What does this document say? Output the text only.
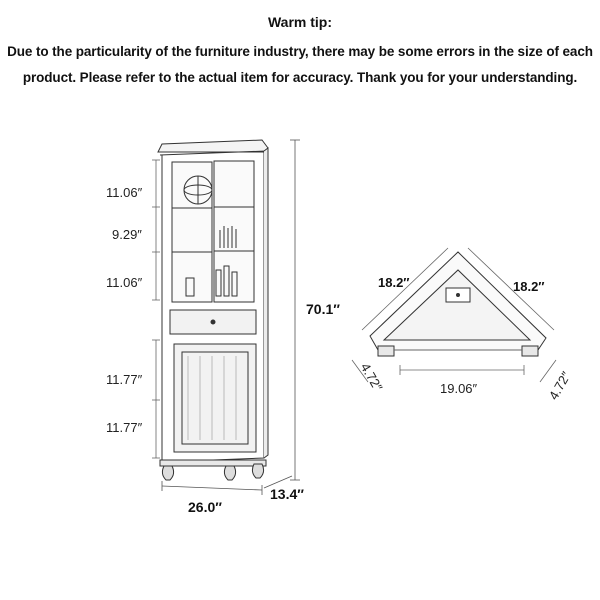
Warm tip:
Due to the particularity of the furniture industry, there may be some errors in the size of each
product. Please refer to the actual item for accuracy. Thank you for your understanding.
11.06″
9.29″
11.06″
11.77″
11.77″
70.1″
26.0″
13.4″
18.2″	18.2″
19.06″
4.72″	4.72″
